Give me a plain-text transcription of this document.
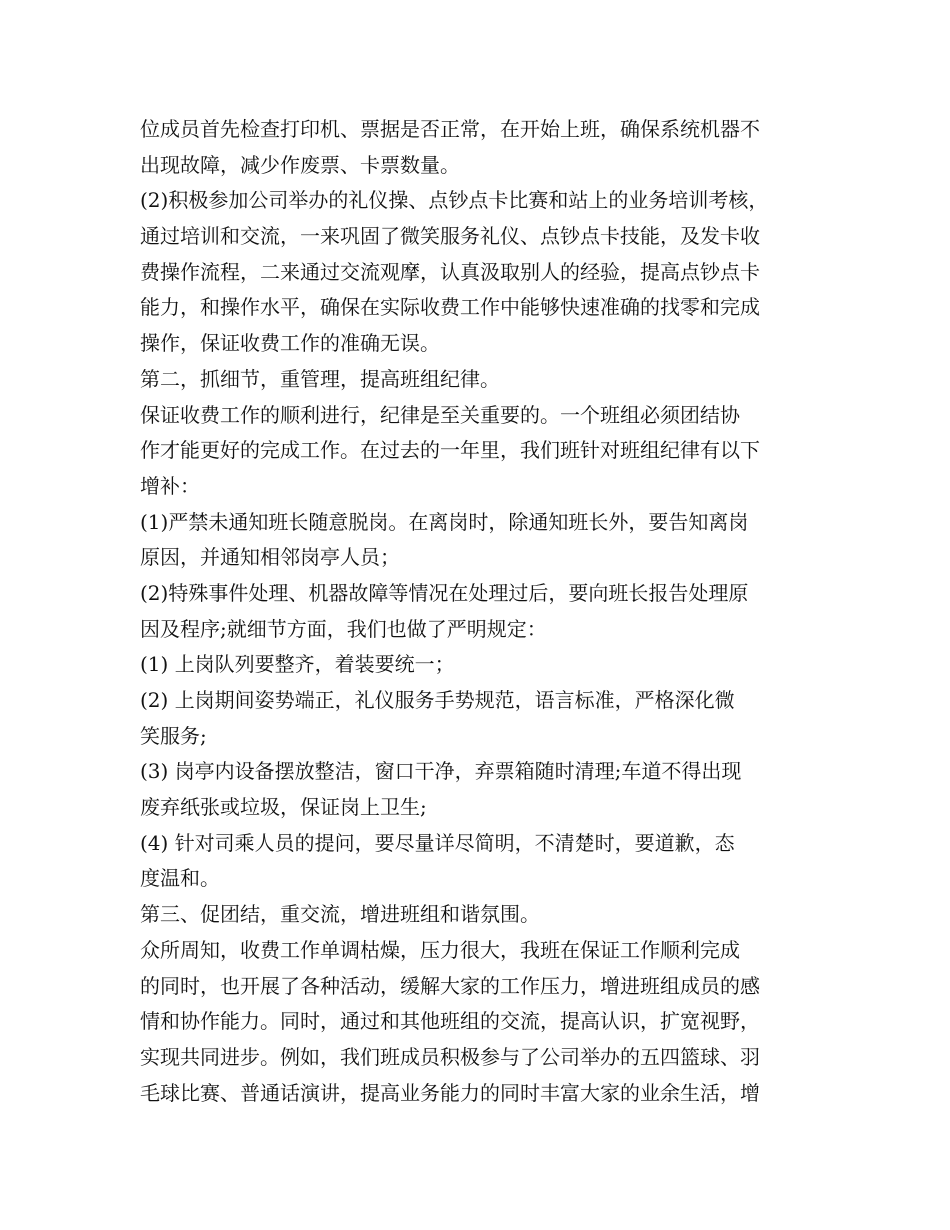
位成员首先检查打印机、票据是否正常，在开始上班，确保系统机器不
出现故障，减少作废票、卡票数量。
(2)积极参加公司举办的礼仪操、点钞点卡比赛和站上的业务培训考核，
通过培训和交流，一来巩固了微笑服务礼仪、点钞点卡技能，及发卡收
费操作流程，二来通过交流观摩，认真汲取别人的经验，提高点钞点卡
能力，和操作水平，确保在实际收费工作中能够快速准确的找零和完成
操作，保证收费工作的准确无误。
第二，抓细节，重管理，提高班组纪律。
保证收费工作的顺利进行，纪律是至关重要的。一个班组必须团结协
作才能更好的完成工作。在过去的一年里，我们班针对班组纪律有以下
增补：
(1)严禁未通知班长随意脱岗。在离岗时，除通知班长外，要告知离岗
原因，并通知相邻岗亭人员；
(2)特殊事件处理、机器故障等情况在处理过后，要向班长报告处理原
因及程序;就细节方面，我们也做了严明规定：
(1) 上岗队列要整齐，着装要统一；
(2) 上岗期间姿势端正，礼仪服务手势规范，语言标准，严格深化微
笑服务;
(3) 岗亭内设备摆放整洁，窗口干净，弃票箱随时清理;车道不得出现
废弃纸张或垃圾，保证岗上卫生;
(4) 针对司乘人员的提问，要尽量详尽简明，不清楚时，要道歉，态
度温和。
第三、促团结，重交流，增进班组和谐氛围。
众所周知，收费工作单调枯燥，压力很大，我班在保证工作顺利完成
的同时，也开展了各种活动，缓解大家的工作压力，增进班组成员的感
情和协作能力。同时，通过和其他班组的交流，提高认识，扩宽视野，
实现共同进步。例如，我们班成员积极参与了公司举办的五四篮球、羽
毛球比赛、普通话演讲，提高业务能力的同时丰富大家的业余生活，增
